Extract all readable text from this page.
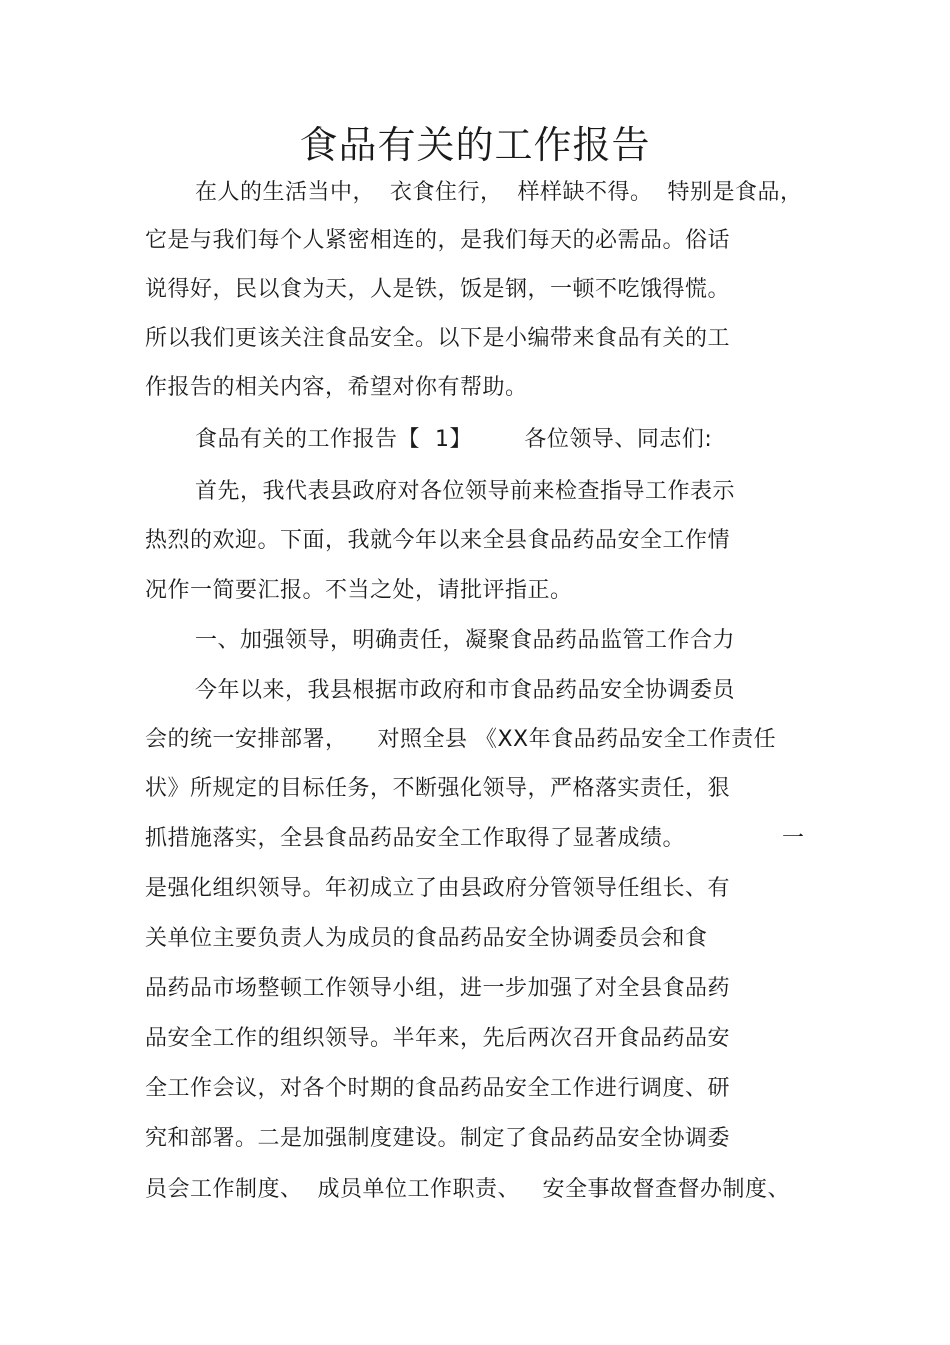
食品有关的工作报告
在人的生活当中，  衣食住行，  样样缺不得。  特别是食品，
它是与我们每个人紧密相连的，是我们每天的必需品。俗话
说得好，民以食为天，人是铁，饭是钢，一顿不吃饿得慌。
所以我们更该关注食品安全。以下是小编带来食品有关的工
作报告的相关内容，希望对你有帮助。
食品有关的工作报告【  1】       各位领导、同志们:
首先，我代表县政府对各位领导前来检查指导工作表示
热烈的欢迎。下面，我就今年以来全县食品药品安全工作情
况作一简要汇报。不当之处，请批评指正。
一、加强领导，明确责任，凝聚食品药品监管工作合力
今年以来，我县根据市政府和市食品药品安全协调委员
会的统一安排部署，    对照全县 《XX年食品药品安全工作责任
状》所规定的目标任务，不断强化领导，严格落实责任，狠
抓措施落实，全县食品药品安全工作取得了显著成绩。	一
是强化组织领导。年初成立了由县政府分管领导任组长、有
关单位主要负责人为成员的食品药品安全协调委员会和食
品药品市场整顿工作领导小组，进一步加强了对全县食品药
品安全工作的组织领导。半年来，先后两次召开食品药品安
全工作会议，对各个时期的食品药品安全工作进行调度、研
究和部署。二是加强制度建设。制定了食品药品安全协调委
员会工作制度、  成员单位工作职责、   安全事故督查督办制度、
